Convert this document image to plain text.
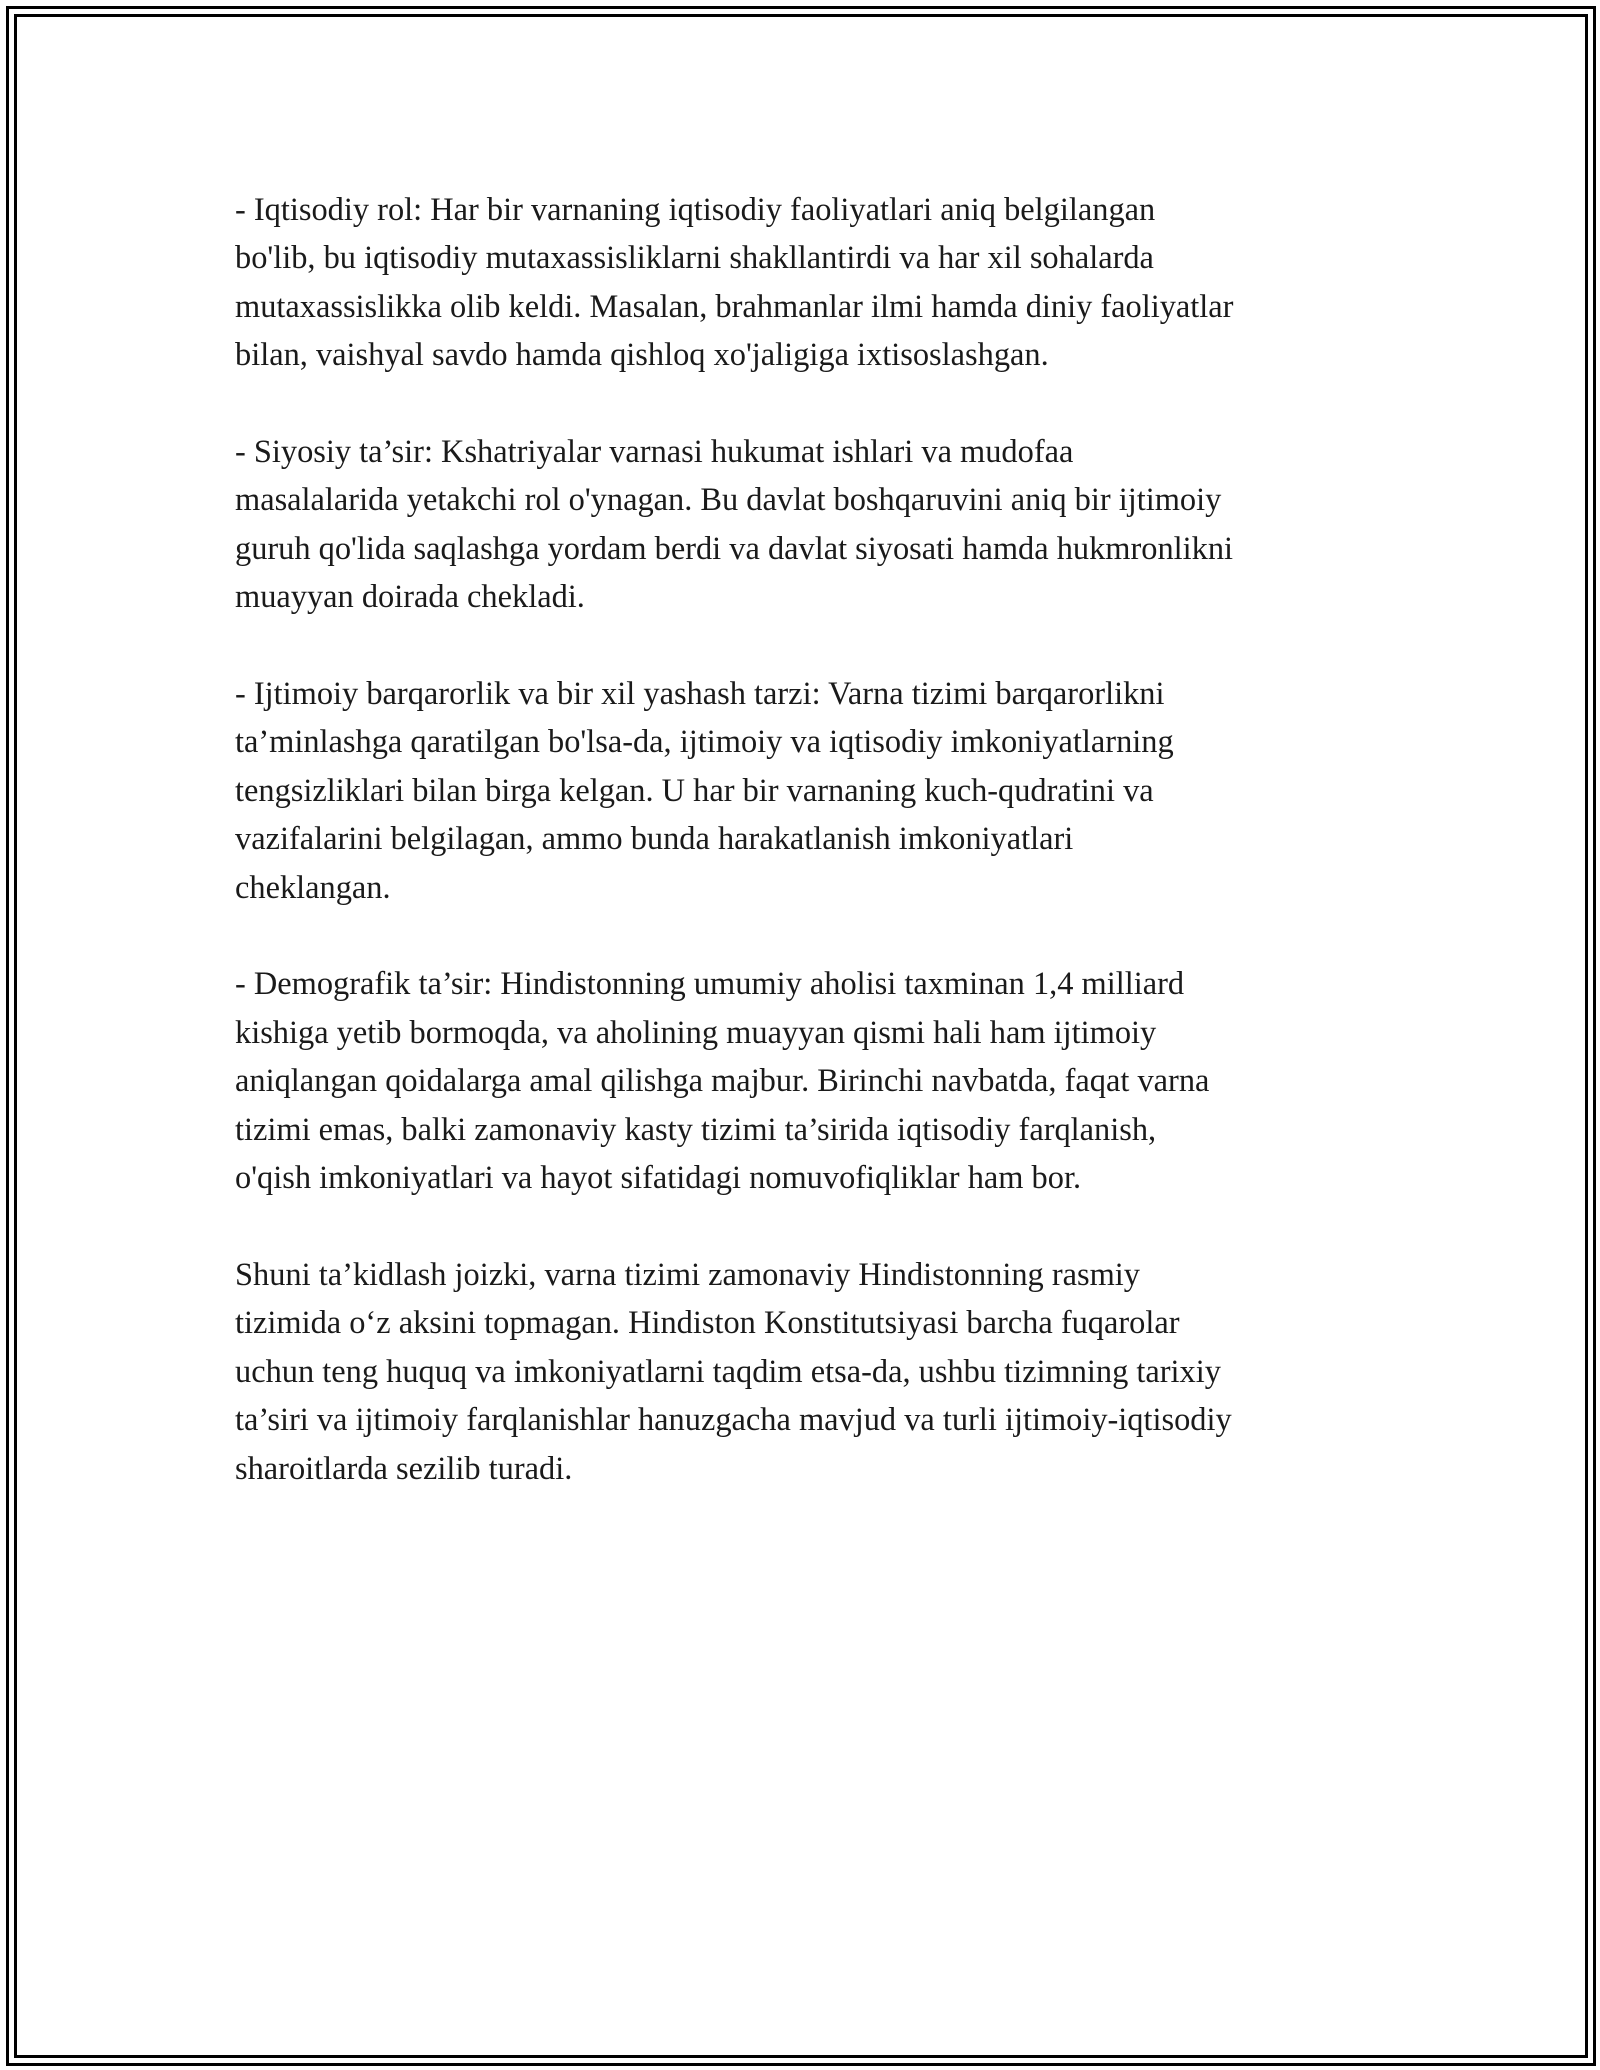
- Iqtisodiy rol: Har bir varnaning iqtisodiy faoliyatlari aniq belgilangan
bo'lib, bu iqtisodiy mutaxassisliklarni shakllantirdi va har xil sohalarda
mutaxassislikka olib keldi. Masalan, brahmanlar ilmi hamda diniy faoliyatlar
bilan, vaishyal savdo hamda qishloq xo'jaligiga ixtisoslashgan.

- Siyosiy ta’sir: Kshatriyalar varnasi hukumat ishlari va mudofaa
masalalarida yetakchi rol o'ynagan. Bu davlat boshqaruvini aniq bir ijtimoiy
guruh qo'lida saqlashga yordam berdi va davlat siyosati hamda hukmronlikni
muayyan doirada chekladi.

- Ijtimoiy barqarorlik va bir xil yashash tarzi: Varna tizimi barqarorlikni
ta’minlashga qaratilgan bo'lsa-da, ijtimoiy va iqtisodiy imkoniyatlarning
tengsizliklari bilan birga kelgan. U har bir varnaning kuch-qudratini va
vazifalarini belgilagan, ammo bunda harakatlanish imkoniyatlari
cheklangan.

- Demografik ta’sir: Hindistonning umumiy aholisi taxminan 1,4 milliard
kishiga yetib bormoqda, va aholining muayyan qismi hali ham ijtimoiy
aniqlangan qoidalarga amal qilishga majbur. Birinchi navbatda, faqat varna
tizimi emas, balki zamonaviy kasty tizimi ta’sirida iqtisodiy farqlanish,
o'qish imkoniyatlari va hayot sifatidagi nomuvofiqliklar ham bor.

Shuni ta’kidlash joizki, varna tizimi zamonaviy Hindistonning rasmiy
tizimida o‘z aksini topmagan. Hindiston Konstitutsiyasi barcha fuqarolar
uchun teng huquq va imkoniyatlarni taqdim etsa-da, ushbu tizimning tarixiy
ta’siri va ijtimoiy farqlanishlar hanuzgacha mavjud va turli ijtimoiy-iqtisodiy
sharoitlarda sezilib turadi.
